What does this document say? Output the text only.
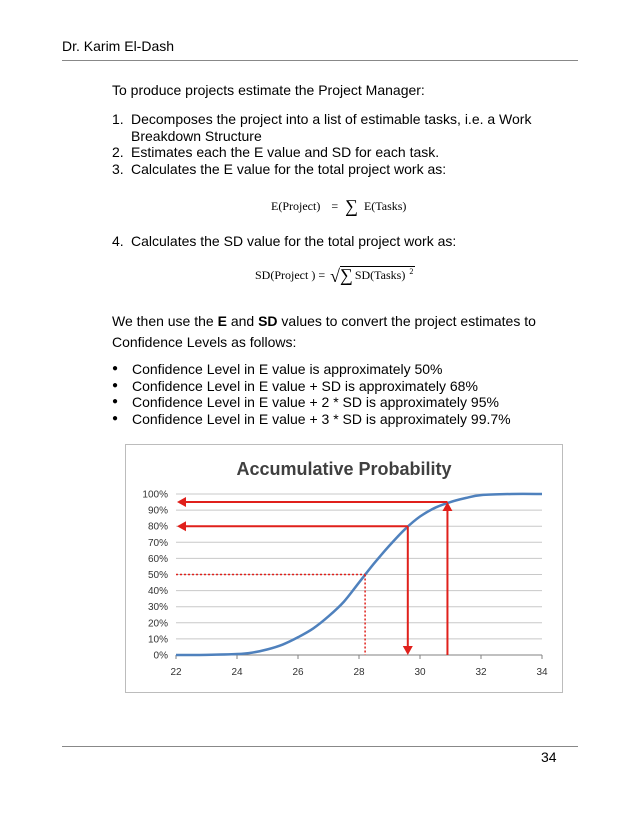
Dr. Karim El-Dash
To produce projects estimate the Project Manager:
1. Decomposes the project into a list of estimable tasks, i.e. a Work Breakdown Structure
2. Estimates each the E value and SD for each task.
3. Calculates the E value for the total project work as:
E(Project) = ∑ E(Tasks)
4. Calculates the SD value for the total project work as:
SD(Project ) = √∑ SD(Tasks) $^2$
We then use the E and SD values to convert the project estimates to Confidence Levels as follows:
● Confidence Level in E value is approximately 50%
● Confidence Level in E value + SD is approximately 68%
● Confidence Level in E value + 2 * SD is approximately 95%
● Confidence Level in E value + 3 * SD is approximately 99.7%
Accumulative Probability
0%
10%
20%
30%
40%
50%
60%
70%
80%
90%
100%
22	24	26	28	30	32	34
34
